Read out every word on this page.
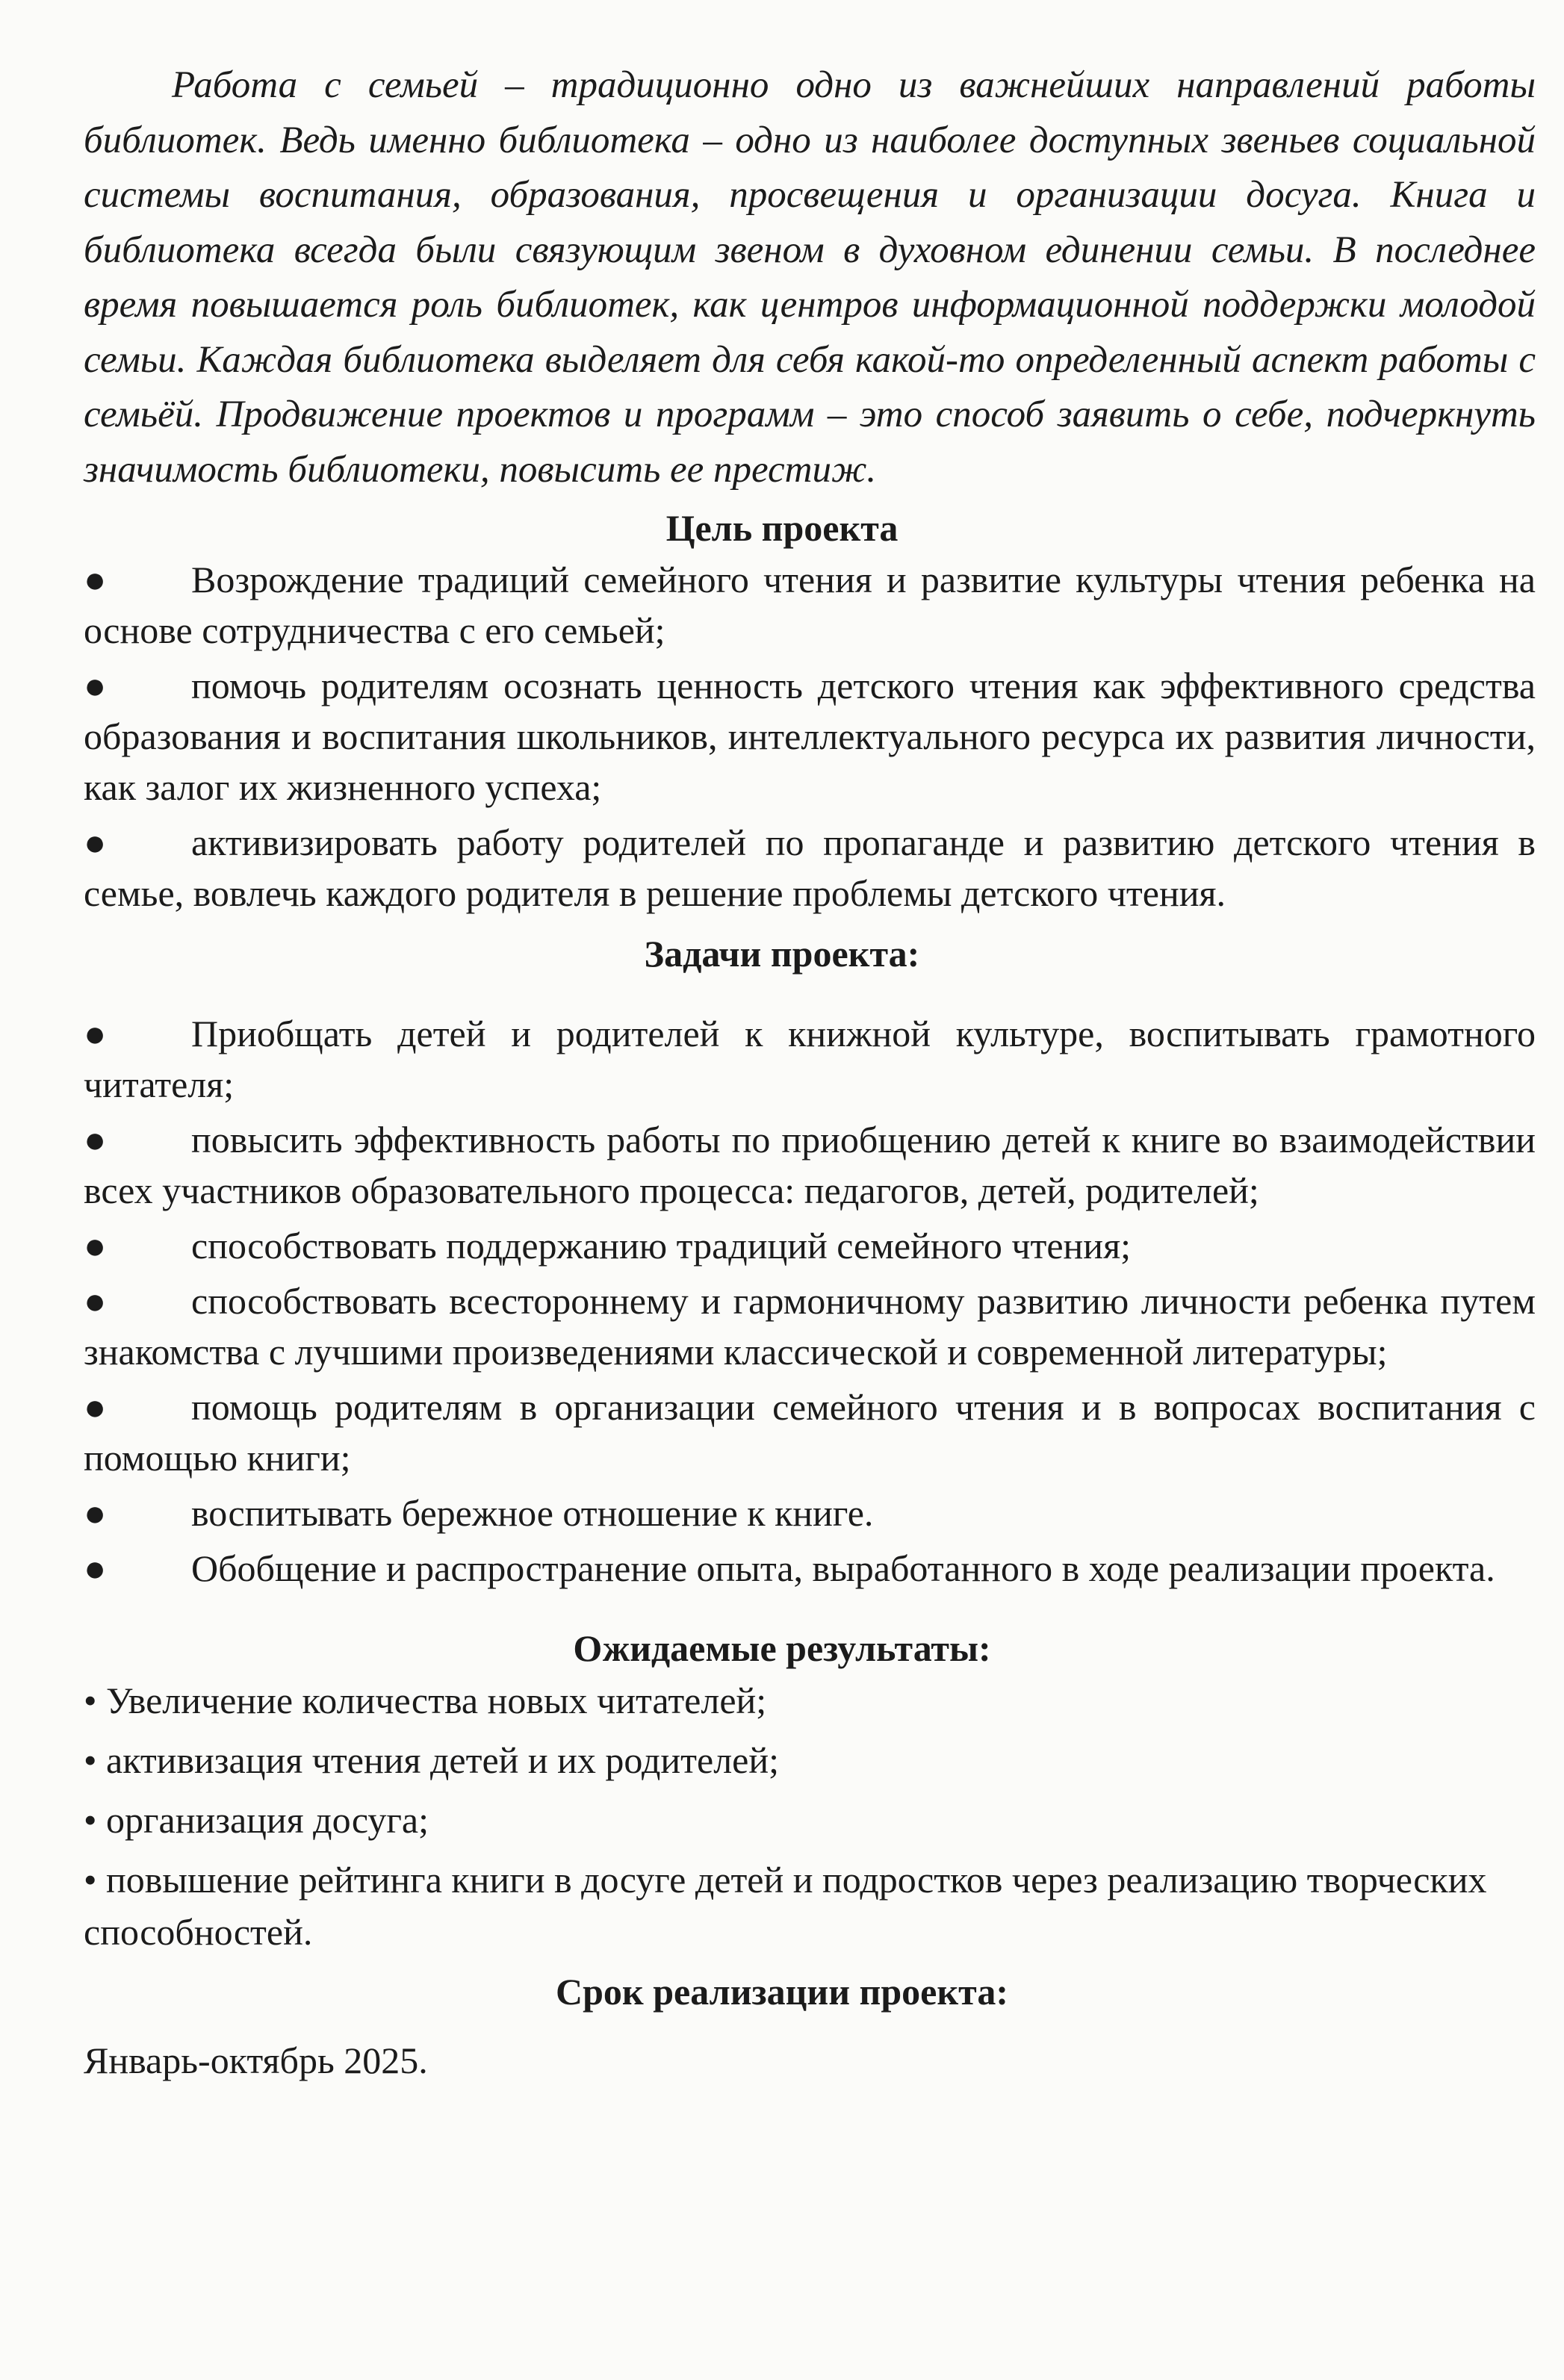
Работа с семьей – традиционно одно из важнейших направлений работы библиотек. Ведь именно библиотека – одно из наиболее доступных звеньев социальной системы воспитания, образования, просвещения и организации досуга. Книга и библиотека всегда были связующим звеном в духовном единении семьи. В последнее время повышается роль библиотек, как центров информационной поддержки молодой семьи. Каждая библиотека выделяет для себя какой-то определенный аспект работы с семьёй. Продвижение проектов и программ – это способ заявить о себе, подчеркнуть значимость библиотеки, повысить ее престиж.

Цель проекта
● Возрождение традиций семейного чтения и развитие культуры чтения ребенка на основе сотрудничества с его семьей;
● помочь родителям осознать ценность детского чтения как эффективного средства образования и воспитания школьников, интеллектуального ресурса их развития личности, как залог их жизненного успеха;
● активизировать работу родителей по пропаганде и развитию детского чтения в семье, вовлечь каждого родителя в решение проблемы детского чтения.
Задачи проекта:
● Приобщать детей и родителей к книжной культуре, воспитывать грамотного читателя;
● повысить эффективность работы по приобщению детей к книге во взаимодействии всех участников образовательного процесса: педагогов, детей, родителей;
● способствовать поддержанию традиций семейного чтения;
● способствовать всестороннему и гармоничному развитию личности ребенка путем знакомства с лучшими произведениями классической и современной литературы;
● помощь родителям в организации семейного чтения и в вопросах воспитания с помощью книги;
● воспитывать бережное отношение к книге.
● Обобщение и распространение опыта, выработанного в ходе реализации проекта.
Ожидаемые результаты:
• Увеличение количества новых читателей;
• активизация чтения детей и их родителей;
• организация досуга;
• повышение рейтинга книги в досуге детей и подростков через реализацию творческих способностей.
Срок реализации проекта:

Январь-октябрь 2025.
